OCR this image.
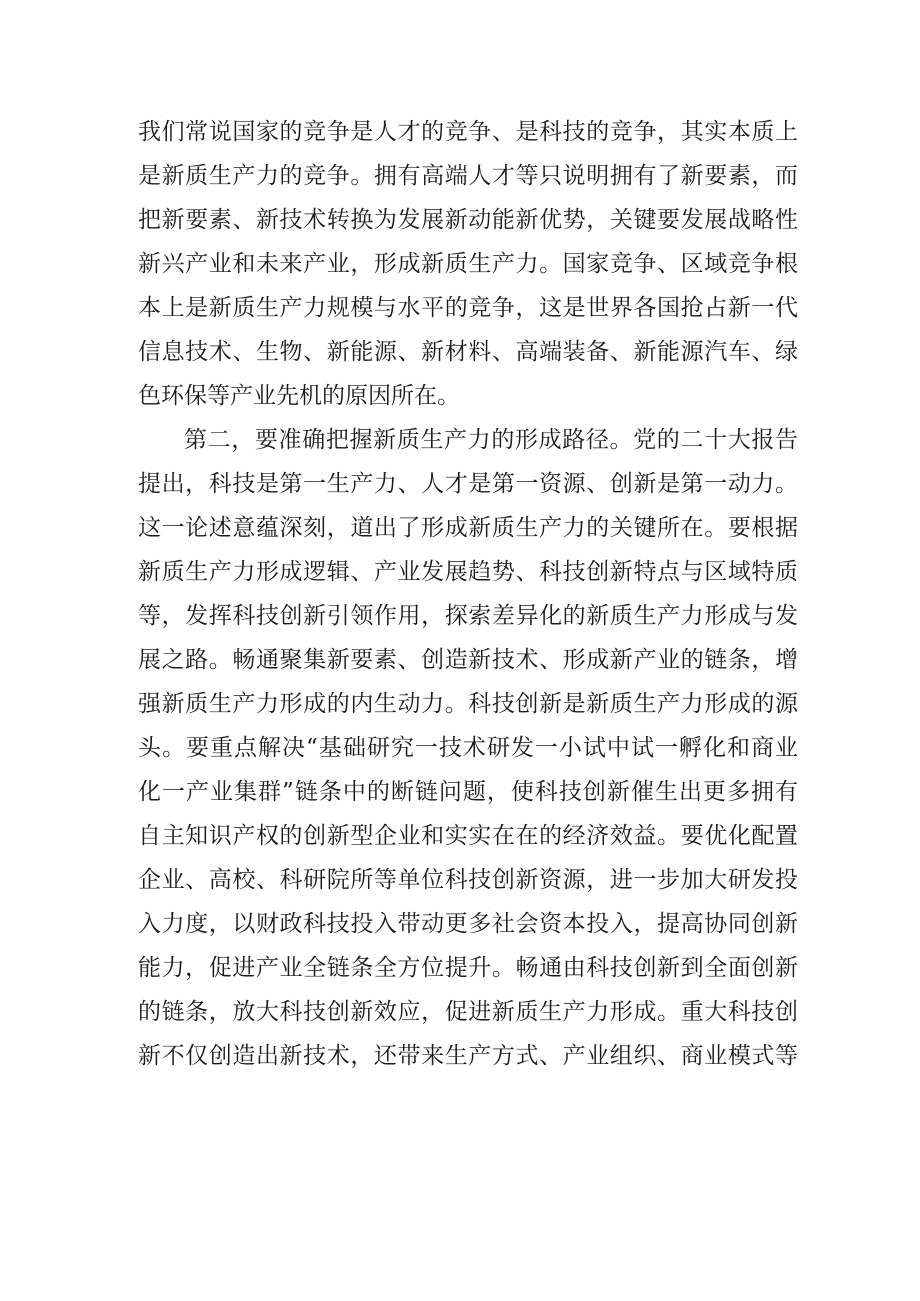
我们常说国家的竞争是人才的竞争、是科技的竞争，其实本质上
是新质生产力的竞争。拥有高端人才等只说明拥有了新要素，而
把新要素、新技术转换为发展新动能新优势，关键要发展战略性
新兴产业和未来产业，形成新质生产力。国家竞争、区域竞争根
本上是新质生产力规模与水平的竞争，这是世界各国抢占新一代
信息技术、生物、新能源、新材料、高端装备、新能源汽车、绿
色环保等产业先机的原因所在。
第二，要准确把握新质生产力的形成路径。党的二十大报告
提出，科技是第一生产力、人才是第一资源、创新是第一动力。
这一论述意蕴深刻，道出了形成新质生产力的关键所在。要根据
新质生产力形成逻辑、产业发展趋势、科技创新特点与区域特质
等，发挥科技创新引领作用，探索差异化的新质生产力形成与发
展之路。畅通聚集新要素、创造新技术、形成新产业的链条，增
强新质生产力形成的内生动力。科技创新是新质生产力形成的源
头。要重点解决“基础研究一技术研发一小试中试一孵化和商业
化一产业集群”链条中的断链问题，使科技创新催生出更多拥有
自主知识产权的创新型企业和实实在在的经济效益。要优化配置
企业、高校、科研院所等单位科技创新资源，进一步加大研发投
入力度，以财政科技投入带动更多社会资本投入，提高协同创新
能力，促进产业全链条全方位提升。畅通由科技创新到全面创新
的链条，放大科技创新效应，促进新质生产力形成。重大科技创
新不仅创造出新技术，还带来生产方式、产业组织、商业模式等
